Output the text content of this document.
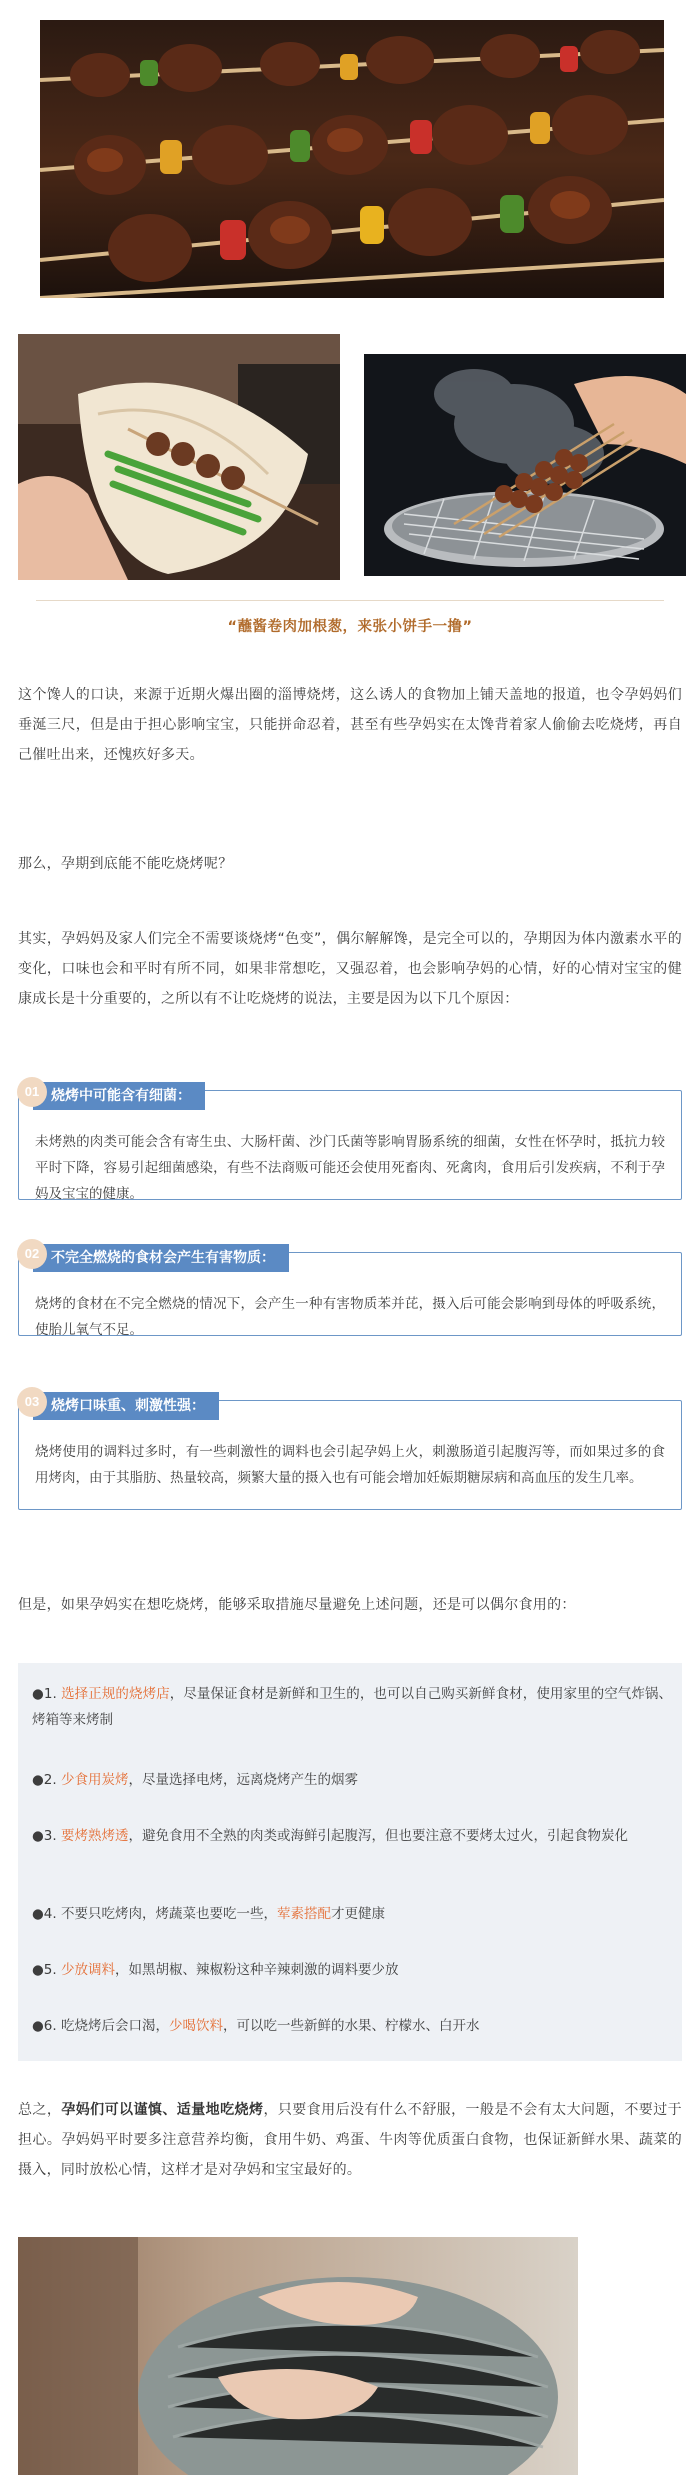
“蘸酱卷肉加根葱，来张小饼手一撸”

这个馋人的口诀，来源于近期火爆出圈的淄博烧烤，这么诱人的食物加上铺天盖地的报道，也令孕妈妈们垂涎三尺，但是由于担心影响宝宝，只能拼命忍着，甚至有些孕妈实在太馋背着家人偷偷去吃烧烤，再自己催吐出来，还愧疚好多天。

那么，孕期到底能不能吃烧烤呢？

其实，孕妈妈及家人们完全不需要谈烧烤“色变”，偶尔解解馋，是完全可以的，孕期因为体内激素水平的变化，口味也会和平时有所不同，如果非常想吃，又强忍着，也会影响孕妈的心情，好的心情对宝宝的健康成长是十分重要的，之所以有不让吃烧烤的说法，主要是因为以下几个原因：

烧烤中可能含有细菌：
01

未烤熟的肉类可能会含有寄生虫、大肠杆菌、沙门氏菌等影响胃肠系统的细菌，女性在怀孕时，抵抗力较平时下降，容易引起细菌感染，有些不法商贩可能还会使用死畜肉、死禽肉，食用后引发疾病，不利于孕妈及宝宝的健康。

不完全燃烧的食材会产生有害物质：
02

烧烤的食材在不完全燃烧的情况下，会产生一种有害物质苯并芘，摄入后可能会影响到母体的呼吸系统，使胎儿氧气不足。

烧烤口味重、刺激性强：
03

烧烤使用的调料过多时，有一些刺激性的调料也会引起孕妈上火，刺激肠道引起腹泻等，而如果过多的食用烤肉，由于其脂肪、热量较高，频繁大量的摄入也有可能会增加妊娠期糖尿病和高血压的发生几率。

但是，如果孕妈实在想吃烧烤，能够采取措施尽量避免上述问题，还是可以偶尔食用的：

●1. 选择正规的烧烤店，尽量保证食材是新鲜和卫生的，也可以自己购买新鲜食材，使用家里的空气炸锅、烤箱等来烤制

●2. 少食用炭烤，尽量选择电烤，远离烧烤产生的烟雾

●3. 要烤熟烤透，避免食用不全熟的肉类或海鲜引起腹泻，但也要注意不要烤太过火，引起食物炭化

●4. 不要只吃烤肉，烤蔬菜也要吃一些，荤素搭配才更健康

●5. 少放调料，如黑胡椒、辣椒粉这种辛辣刺激的调料要少放

●6. 吃烧烤后会口渴，少喝饮料，可以吃一些新鲜的水果、柠檬水、白开水

总之，孕妈们可以谨慎、适量地吃烧烤，只要食用后没有什么不舒服，一般是不会有太大问题，不要过于担心。孕妈妈平时要多注意营养均衡，食用牛奶、鸡蛋、牛肉等优质蛋白食物，也保证新鲜水果、蔬菜的摄入，同时放松心情，这样才是对孕妈和宝宝最好的。
